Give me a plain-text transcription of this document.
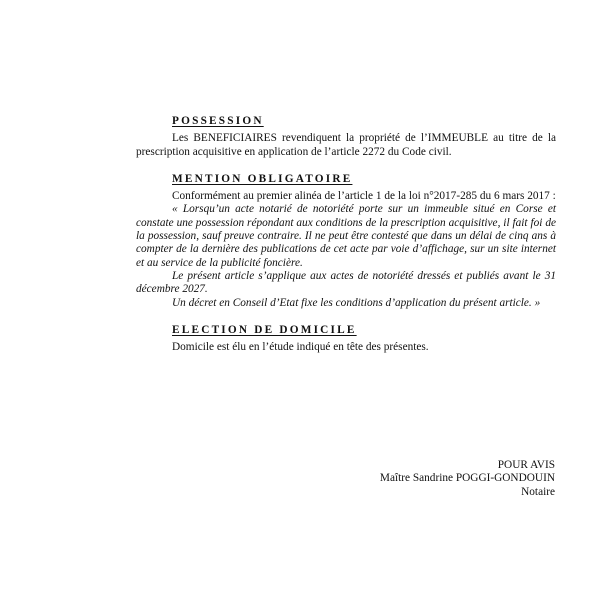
POSSESSION

Les BENEFICIAIRES revendiquent la propriété de l’IMMEUBLE au titre de la prescription acquisitive en application de l’article 2272 du Code civil.

MENTION OBLIGATOIRE

Conformément au premier alinéa de l’article 1 de la loi n°2017-285 du 6 mars 2017 :

« Lorsqu’un acte notarié de notoriété porte sur un immeuble situé en Corse et constate une possession répondant aux conditions de la prescription acquisitive, il fait foi de la possession, sauf preuve contraire. Il ne peut être contesté que dans un délai de cinq ans à compter de la dernière des publications de cet acte par voie d’affichage, sur un site internet et au service de la publicité foncière.

Le présent article s’applique aux actes de notoriété dressés et publiés avant le 31 décembre 2027.

Un décret en Conseil d’Etat fixe les conditions d’application du présent article. »

ELECTION DE DOMICILE

Domicile est élu en l’étude indiqué en tête des présentes.

POUR AVIS
Maître Sandrine POGGI-GONDOUIN
Notaire
